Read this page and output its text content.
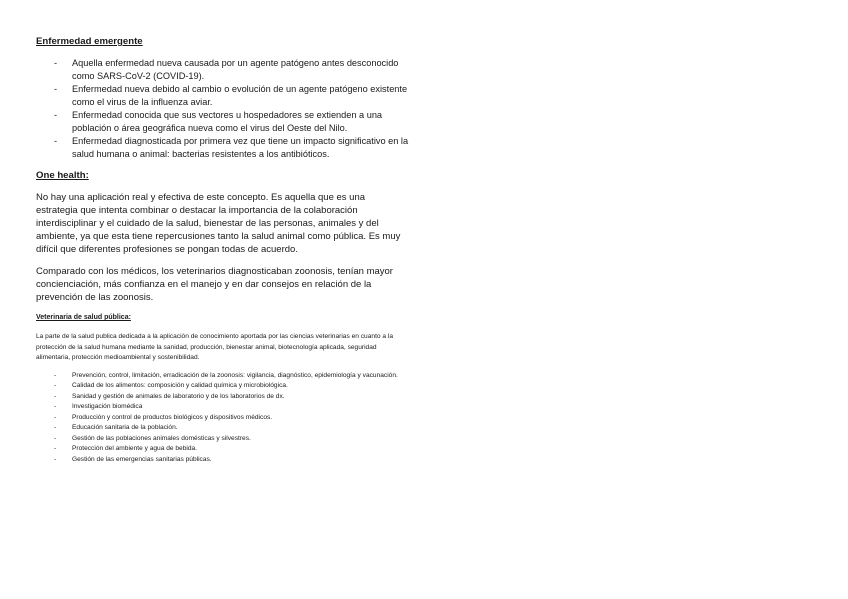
Enfermedad emergente
- Aquella enfermedad nueva causada por un agente patógeno antes desconocido como SARS-CoV-2 (COVID-19).
- Enfermedad nueva debido al cambio o evolución de un agente patógeno existente como el virus de la influenza aviar.
- Enfermedad conocida que sus vectores u hospedadores se extienden a una población o área geográfica nueva como el virus del Oeste del Nilo.
- Enfermedad diagnosticada por primera vez que tiene un impacto significativo en la salud humana o animal: bacterias resistentes a los antibióticos.
One health:

No hay una aplicación real y efectiva de este concepto. Es aquella que es una estrategia que intenta combinar o destacar la importancia de la colaboración interdisciplinar y el cuidado de la salud, bienestar de las personas, animales y del ambiente, ya que esta tiene repercusiones tanto la salud animal como pública. Es muy difícil que diferentes profesiones se pongan todas de acuerdo.

Comparado con los médicos, los veterinarios diagnosticaban zoonosis, tenían mayor concienciación, más confianza en el manejo y en dar consejos en relación de la prevención de las zoonosis.

Veterinaria de salud pública:

La parte de la salud publica dedicada a la aplicación de conocimiento aportada por las ciencias veterinarias en cuanto a la protección de la salud humana mediante la sanidad, producción, bienestar animal, biotecnología aplicada, seguridad alimentaria, protección medioambiental y sostenibilidad.

- Prevención, control, limitación, erradicación de la zoonosis: vigilancia, diagnóstico, epidemiología y vacunación.
- Calidad de los alimentos: composición y calidad química y microbiológica.
- Sanidad y gestión de animales de laboratorio y de los laboratorios de dx.
- Investigación biomédica
- Producción y control de productos biológicos y dispositivos médicos.
- Educación sanitaria de la población.
- Gestión de las poblaciones animales domésticas y silvestres.
- Protección del ambiente y agua de bebida.
- Gestión de las emergencias sanitarias públicas.
